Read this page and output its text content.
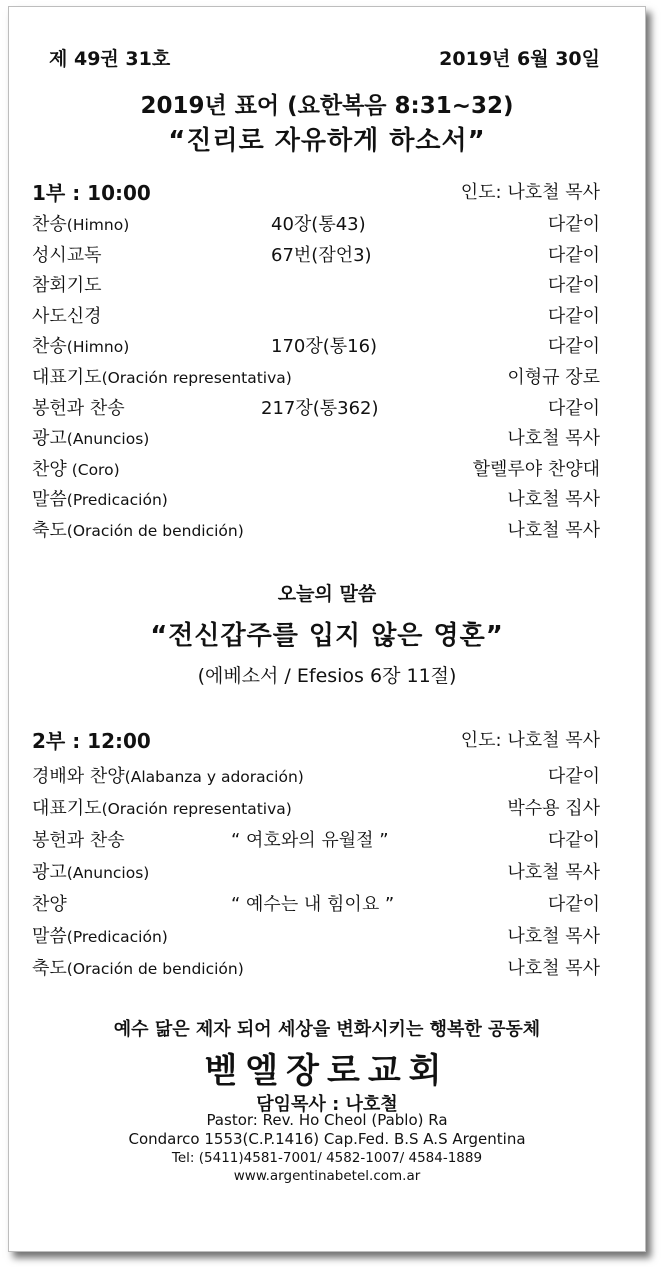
제 49권 31호	2019년 6월 30일
2019년 표어 (요한복음 8:31~32)
“진리로 자유하게 하소서”
1부 : 10:00	인도: 나호철 목사
찬송(Himno)	40장(통43)	다같이
성시교독	67번(잠언3)	다같이
참회기도	다같이
사도신경	다같이
찬송(Himno)	170장(통16)	다같이
대표기도(Oración representativa)	이형규 장로
봉헌과 찬송	217장(통362)	다같이
광고(Anuncios)	나호철 목사
찬양 (Coro)	할렐루야 찬양대
말씀(Predicación)	나호철 목사
축도(Oración de bendición)	나호철 목사
오늘의 말씀
“전신갑주를 입지 않은 영혼”
(에베소서 / Efesios 6장 11절)
2부 : 12:00	인도: 나호철 목사
경배와 찬양(Alabanza y adoración)	다같이
대표기도(Oración representativa)	박수용 집사
봉헌과 찬송	“ 여호와의 유월절 ”	다같이
광고(Anuncios)	나호철 목사
찬양	“ 예수는 내 힘이요 ”	다같이
말씀(Predicación)	나호철 목사
축도(Oración de bendición)	나호철 목사
예수 닮은 제자 되어 세상을 변화시키는 행복한 공동체
벧엘장로교회
담임목사 : 나호철
Pastor: Rev. Ho Cheol (Pablo) Ra
Condarco 1553(C.P.1416) Cap.Fed. B.S A.S Argentina
Tel: (5411)4581-7001/ 4582-1007/ 4584-1889
www.argentinabetel.com.ar
